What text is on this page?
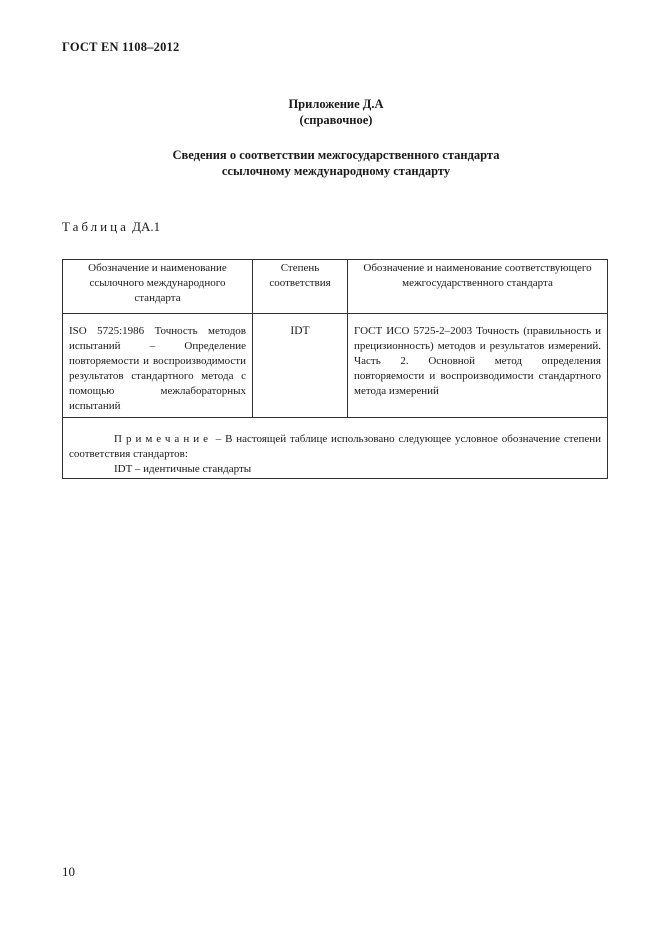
ГОСТ EN 1108–2012
Приложение Д.А
(справочное)
Сведения о соответствии межгосударственного стандарта
ссылочному международному стандарту
Таблица ДА.1
Обозначение и наименование ссылочного международного стандарта	Степень соответствия	Обозначение и наименование соответствующего межгосударственного стандарта
ISO 5725:1986 Точность методов испытаний – Определение повторяемости и воспроизводимости результатов стандартного метода с помощью межлабораторных испытаний	IDT	ГОСТ ИСО 5725-2–2003 Точность (правильность и прецизионность) методов и результатов измерений. Часть 2. Основной метод определения повторяемости и воспроизводимости стандартного метода измерений

Примечание – В настоящей таблице использовано следующее условное обозначение степени соответствия стандартов:
IDT – идентичные стандарты		
10
